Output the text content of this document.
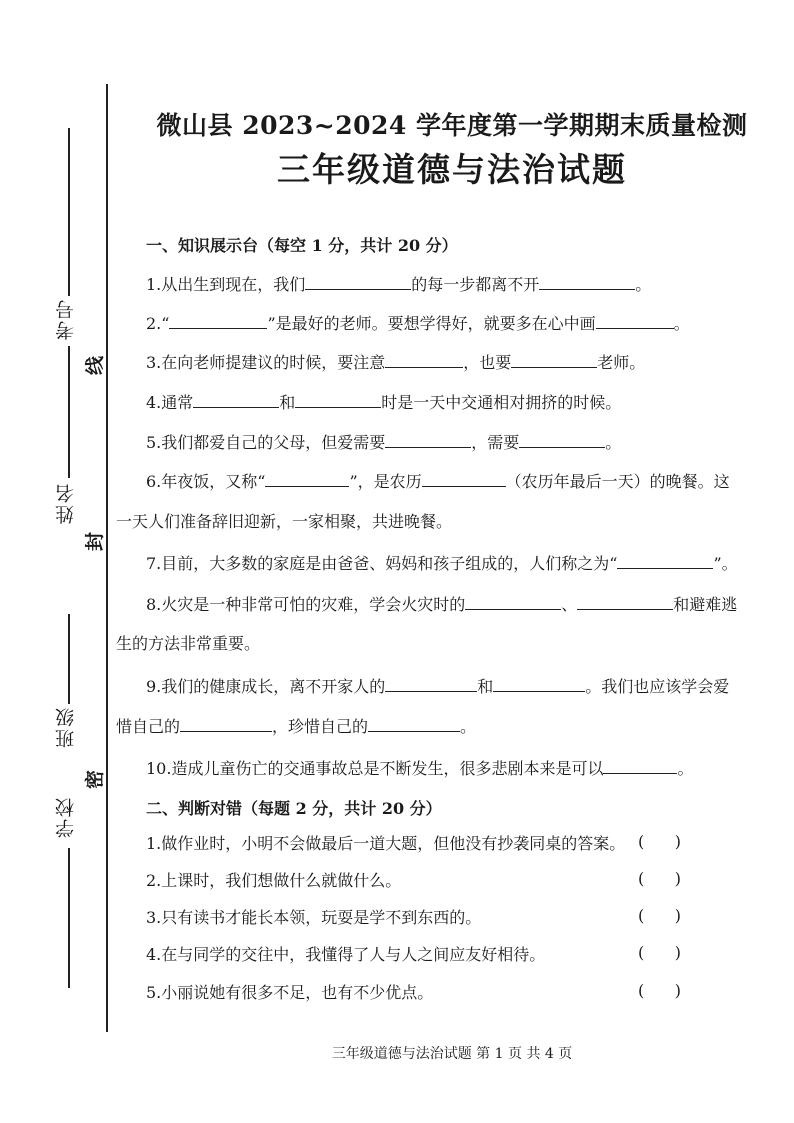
考号
姓名
班级
学校
线
封
密
微山县 2023~2024 学年度第一学期期末质量检测
三年级道德与法治试题
一、知识展示台（每空 1 分，共计 20 分）
1.从出生到现在，我们	的每一步都离不开	。
2.“	”是最好的老师。要想学得好，就要多在心中画	。
3.在向老师提建议的时候，要注意	，也要	老师。
4.通常	和	时是一天中交通相对拥挤的时候。
5.我们都爱自己的父母，但爱需要	，需要	。
6.年夜饭，又称“	”，是农历	（农历年最后一天）的晚餐。这
一天人们准备辞旧迎新，一家相聚，共进晚餐。
7.目前，大多数的家庭是由爸爸、妈妈和孩子组成的，人们称之为“	”。
8.火灾是一种非常可怕的灾难，学会火灾时的	、	和避难逃
生的方法非常重要。
9.我们的健康成长，离不开家人的	和	。我们也应该学会爱
惜自己的	，珍惜自己的	。
10.造成儿童伤亡的交通事故总是不断发生，很多悲剧本来是可以	。
二、判断对错（每题 2 分，共计 20 分）
1.做作业时，小明不会做最后一道大题，但他没有抄袭同桌的答案。 (      )
2.上课时，我们想做什么就做什么。	(      )
3.只有读书才能长本领，玩耍是学不到东西的。	(      )
4.在与同学的交往中，我懂得了人与人之间应友好相待。	(      )
5.小丽说她有很多不足，也有不少优点。	(      )
三年级道德与法治试题 第 1 页 共 4 页
